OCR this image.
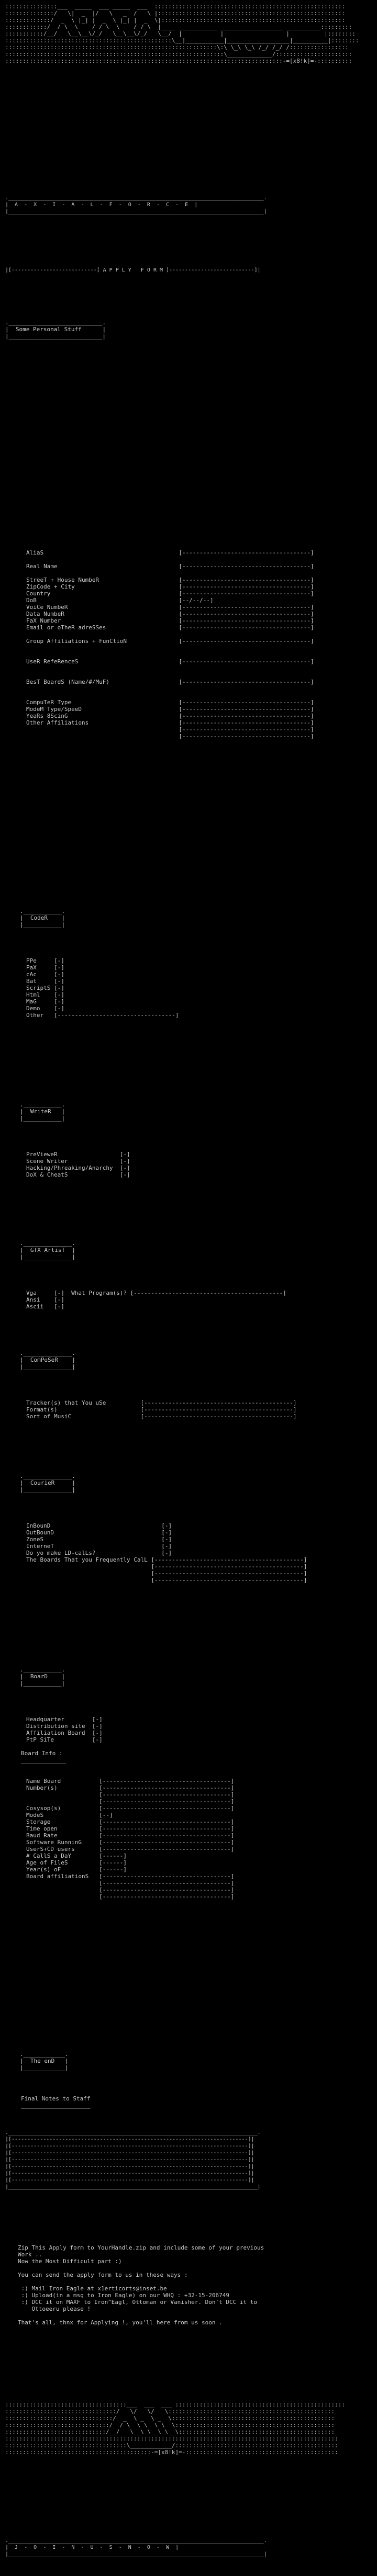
:::::::::::::::___  _____  ___ _____  ___  :::::::::::::::::::::::::::::::::::::::::::::::::::::::
::::::::::::::/   \|  _  |/   \   _  /   \ |::::::::::::::::::::::::::::::::::::::::::::::::::::::
:::::::::::::/  _  \ |_| |  _  \ |_| |  _  \|:::::::::::::::::::::::::::::::::::::::::::::::::::::
::::::::::::/  / \  \    / / \  \    / / \  |____ ___________ __________________ __________:::::::::
:::::::::::/__/   \__\__\/_/   \__\__\/_/   \__/  |           |                  |          |::::::::
::::::::::::::::::::::::::::::::::::::::::::::::\__|___________|__________________|__________|::::::::
:::::::::::::::::::::::::::::::::::::::::::::::::::::::::::::\:\ \_\ \_\ /_/ /_/ /:::::::::::::::::
:::::::::::::::::::::::::::::::::::::::::::::::::::::::::::::::\_____________/::::::::::::::::::::::
::::::::::::::::::::::::::::::::::::::::::::::::::::::::::::::::::::::::::::::::-=[x8!k]=-::::::::::
._________________________________________________________________________________.
|  A  -  X  -  I  -  A  -  L  -  F  -  O  -  R  -  C  -  E  |
|_________________________________________________________________________________|
|[---------------------------[ A P P L Y   F O R M ]---------------------------]|
.___________________________.
|  Some Personal Stuff	|
|___________________________|
AliaS                                       [-------------------------------------]
Real Name                                   [-------------------------------------]
StreeT + House NumbeR                       [-------------------------------------]
ZipCode + City                              [-------------------------------------]
Country                                     [-------------------------------------]
DoB                                         [--/--/--]
VoiCe NumbeR                                [-------------------------------------]
Data NumbeR                                 [-------------------------------------]
FaX Number                                  [-------------------------------------]
Email or oTheR adreSSes                     [-------------------------------------]
Group Affiliations + FunCtioN               [-------------------------------------]
UseR RefeRenceS                             [-------------------------------------]
BesT BoardS (Name/#/MuF)                    [-------------------------------------]
CompuTeR Type                               [-------------------------------------]
ModeM Type/SpeeD                            [-------------------------------------]
YeaRs 8ScinG                                [-------------------------------------]
Other Affiliations                          [-------------------------------------]
[-------------------------------------]
[-------------------------------------]
.___________.
|  CodeR    |
|___________|
PPe     [-]
PaX     [-]
cAc     [-]
Bat     [-]
ScriptS [-]
Html    [-]
MaG     [-]
Demo    [-]
Other   [----------------------------------]
.___________.
|  WriteR   |
|___________|
PreVieweR                  [-]
Scene Writer               [-]
Hacking/Phreaking/Anarchy  [-]
DoX & CheatS               [-]
.______________.
|  GfX ArtisT  |
|______________|
Vga     [-]  What Program(s)? [-------------------------------------------]
Ansi    [-]
Ascii   [-]
.______________.
|  ComPoSeR    |
|______________|
Tracker(s) that You uSe          [-------------------------------------------]
Format(s)                        [-------------------------------------------]
Sort of MusiC                    [-------------------------------------------]
.______________.
|  CourieR	|
|______________|
InBounD                                [-]
OutBounD                               [-]
ZoneS                                  [-]
InterneT                               [-]
Do yo make LD-calLs?                   [-]
The Boards That you Frequently CalL [-------------------------------------------]
[-------------------------------------------]
[-------------------------------------------]
[-------------------------------------------]
.___________.
|  BoarD    |
|___________|
Headquarter        [-]
Distribution site  [-]
Affiliation Board  [-]
PtP SiTe           [-]
Board Info :
_____________
Name Board           [-------------------------------------]
Number(s)            [-------------------------------------]
[-------------------------------------]
[-------------------------------------]
Cosysop(s)           [-------------------------------------]
ModeS                [--]
Storage              [-------------------------------------]
Time open            [-------------------------------------]
Baud Rate            [-------------------------------------]
Software RunninG     [-------------------------------------]
UserS+CD users       [-------------------------------------]
# CallS a DaY        [------]
Age of FileS         [------]
Year(s) oF           [------]
Board affiliationS   [-------------------------------------]
[-------------------------------------]
[-------------------------------------]
[-------------------------------------]
.____________.
|  The enD   |
|____________|
Final Notes to Staff
____________________
._______________________________________________________________________________.
|[---------------------------------------------------------------------------]|
|[---------------------------------------------------------------------------]|
|[---------------------------------------------------------------------------]|
|[---------------------------------------------------------------------------]|
|[---------------------------------------------------------------------------]|
|[---------------------------------------------------------------------------]|
|[---------------------------------------------------------------------------]|
|_______________________________________________________________________________|
Zip This Apply form to YourHandle.zip and include some of your previous
Work ..
Now the Most Difficult part :)
You can send the apply form to us in these ways :
:) Mail Iron Eagle at x1erticorts@inset.be
:) Upload(in a msg to Iron Eagle) on our WHQ : +32-15-206749
:) DCC it on MAXF to Iron^Eagl, Ottoman or Vanisher. Don't DCC it to
Ottoeeru please !
That's all, thnx for Applying !, you'll here from us soon .
:::::::::::::::::::::::::::::::::::___  ___  ___ :::::::::::::::::::::::::::::::::::::::::::::::::
::::::::::::::::::::::::::::::::/   \/   \/   \::::::::::::::::::::::::::::::::::::::::::::::::
:::::::::::::::::::::::::::::::/  _  \ _  \ _  \:::::::::::::::::::::::::::::::::::::::::::::::
::::::::::::::::::::::::::::::/  / \  \ \  \ \  \::::::::::::::::::::::::::::::::::::::::::::::
:::::::::::::::::::::::::::::/__/   \__\ \__\ \__\:::::::::::::::::::::::::::::::::::::::::::::
::::::::::::::::::::::::::::::::::::::::::::::::::::::::::::::::::::::::::::::::::::::::::::::::
:::::::::::::::::::::::::::::::::::\____________/:::::::::::::::::::::::::::::::::::::::::::::::
::::::::::::::::::::::::::::::::::::::::::-=[x8!k]=-::::::::::::::::::::::::::::::::::::::::::::
._________________________________________________________________________________.
|  J  -  O  -  I  -  N  -  U  -  S  -  N  -  O  -  W  |
|_________________________________________________________________________________|
